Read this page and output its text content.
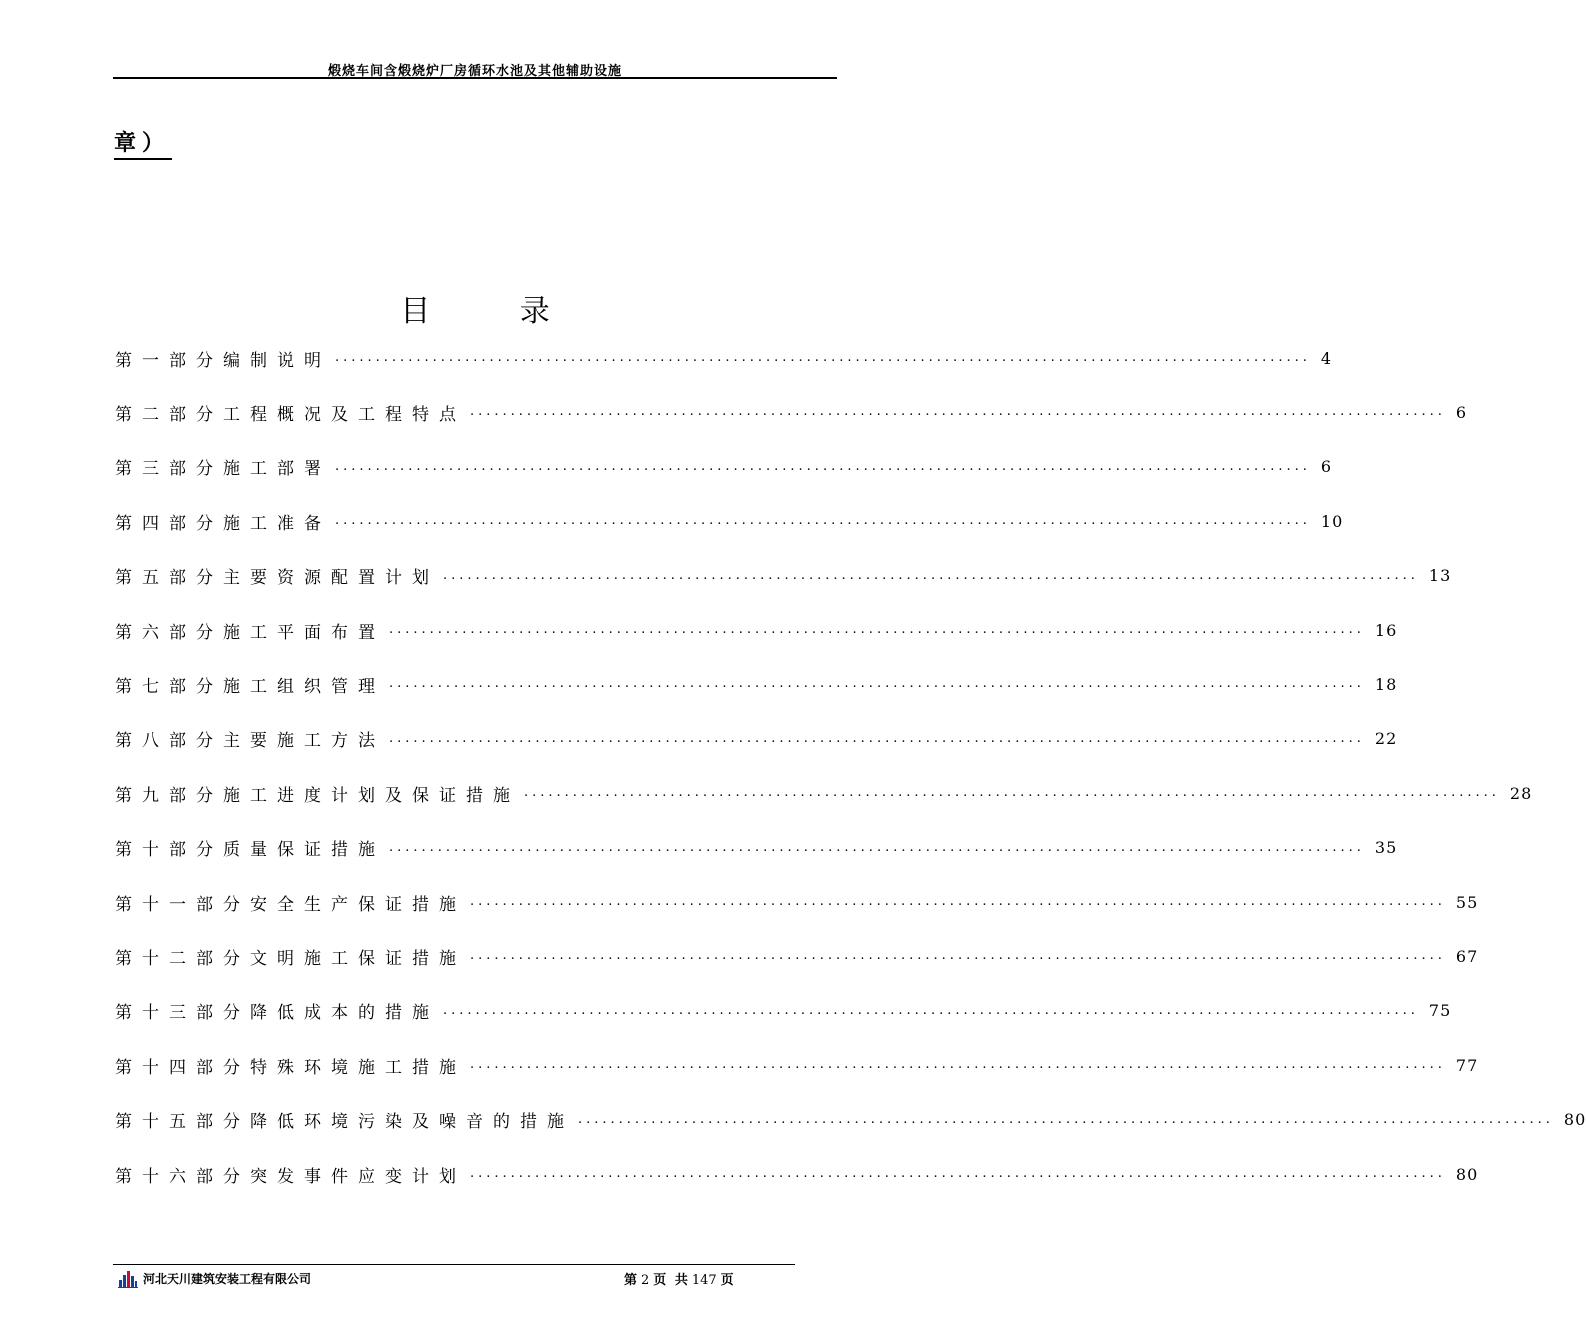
煅烧车间含煅烧炉厂房循环水池及其他辅助设施
章）
目 录
第一部分 编制说明 ........................................................................................................................ 4
第二部分 工程概况及工程特点 ........................................................................................................................ 6
第三部分 施工部署 ........................................................................................................................ 6
第四部分 施工准备 ........................................................................................................................ 10
第五部分 主要资源配置计划 ........................................................................................................................ 13
第六部分 施工平面布置 ........................................................................................................................ 16
第七部分 施工组织管理 ........................................................................................................................ 18
第八部分 主要施工方法 ........................................................................................................................ 22
第九部分 施工进度计划及保证措施 ........................................................................................................................ 28
第十部分 质量保证措施 ........................................................................................................................ 35
第十一部分 安全生产保证措施 ........................................................................................................................ 55
第十二部分 文明施工保证措施 ........................................................................................................................ 67
第十三部分 降低成本的措施 ........................................................................................................................ 75
第十四部分 特殊环境施工措施 ........................................................................................................................ 77
第十五部分 降低环境污染及噪音的措施 ........................................................................................................................ 80
第十六部分 突发事件应变计划 ........................................................................................................................ 80
河北天川建筑安装工程有限公司	第 2 页 共 147 页
